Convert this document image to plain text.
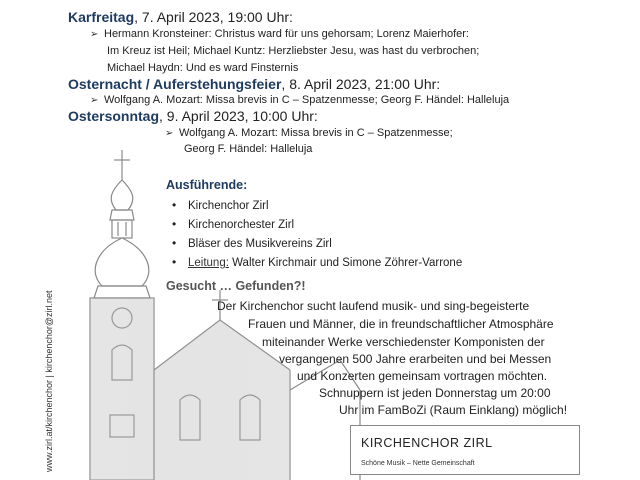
www.zirl.at/kirchenchor | kirchenchor@zirl.net
Karfreitag, 7. April 2023, 19:00 Uhr:
➢ Hermann Kronsteiner: Christus ward für uns gehorsam; Lorenz Maierhofer:
Im Kreuz ist Heil; Michael Kuntz: Herzliebster Jesu, was hast du verbrochen;
Michael Haydn: Und es ward Finsternis
Osternacht / Auferstehungsfeier, 8. April 2023, 21:00 Uhr:
➢ Wolfgang A. Mozart: Missa brevis in C – Spatzenmesse; Georg F. Händel: Halleluja
Ostersonntag, 9. April 2023, 10:00 Uhr:
➢ Wolfgang A. Mozart: Missa brevis in C – Spatzenmesse;
Georg F. Händel: Halleluja
Ausführende:
• Kirchenchor Zirl
• Kirchenorchester Zirl
• Bläser des Musikvereins Zirl
• Leitung: Walter Kirchmair und Simone Zöhrer-Varrone
Gesucht … Gefunden?!
Der Kirchenchor sucht laufend musik- und sing-begeisterte
Frauen und Männer, die in freundschaftlicher Atmosphäre
miteinander Werke verschiedenster Komponisten der
vergangenen 500 Jahre erarbeiten und bei Messen
und Konzerten gemeinsam vortragen möchten.
Schnuppern ist jeden Donnerstag um 20:00
Uhr im FamBoZi (Raum Einklang) möglich!
KIRCHENCHOR ZIRL
Schöne Musik – Nette Gemeinschaft
